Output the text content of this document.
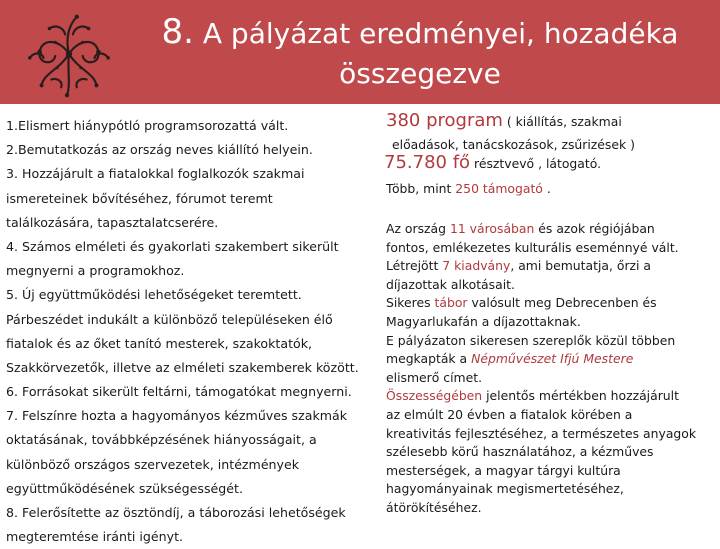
8. A pályázat eredményei, hozadéka
összegezve
1.Elismert hiánypótló programsorozattá vált.
2.Bemutatkozás az ország neves kiállító helyein.
3. Hozzájárult a fiatalokkal foglalkozók szakmai
ismereteinek bővítéséhez, fórumot teremt
találkozására, tapasztalatcserére.
4. Számos elméleti és gyakorlati szakembert sikerült
megnyerni a programokhoz.
5. Új együttműködési lehetőségeket teremtett.
Párbeszédet indukált a különböző településeken élő
fiatalok és az őket tanító mesterek, szakoktatók,
Szakkörvezetők, illetve az elméleti szakemberek között.
6. Forrásokat sikerült feltárni, támogatókat megnyerni.
7. Felszínre hozta a hagyományos kézműves szakmák
oktatásának, továbbképzésének hiányosságait, a
különböző országos szervezetek, intézmények
együttműködésének szükségességét.
8. Felerősítette az ösztöndíj, a táborozási lehetőségek
megteremtése iránti igényt.
380 program ( kiállítás, szakmai
előadások, tanácskozások, zsűrizések )
75.780 fő résztvevő , látogató.
Több, mint 250 támogató .
Az ország 11 városában és azok régiójában
fontos, emlékezetes kulturális eseménnyé vált.
Létrejött 7 kiadvány, ami bemutatja, őrzi a
díjazottak alkotásait.
Sikeres tábor valósult meg Debrecenben és
Magyarlukafán a díjazottaknak.
E pályázaton sikeresen szereplők közül többen
megkapták a Népművészet Ifjú Mestere
elismerő címet.
Összességében jelentős mértékben hozzájárult
az elmúlt 20 évben a fiatalok körében a
kreativitás fejlesztéséhez, a természetes anyagok
szélesebb körű használatához, a kézműves
mesterségek, a magyar tárgyi kultúra
hagyományainak megismertetéséhez,
átörökítéséhez.
